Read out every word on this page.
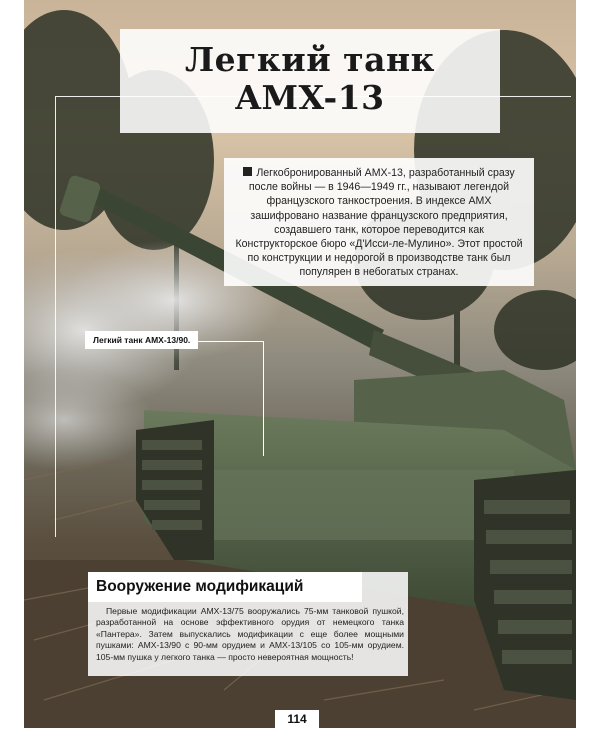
Легкий танк
AMX-13

Легкобронированный AMX-13, разработанный сразу после войны — в 1946—1949 гг., называют легендой французского танкостроения. В индексе AMX зашифровано название французского предприятия, создавшего танк, которое переводится как Конструкторское бюро «Д'Исси-ле-Мулино». Этот простой по конструкции и недорогой в производстве танк был популярен в небогатых странах.

Легкий танк AMX-13/90.
Вооружение модификаций

Первые модификации AMX-13/75 вооружались 75-мм танковой пушкой, разработанной на основе эффективного орудия от немецкого танка «Пантера». Затем выпускались модификации с еще более мощными пушками: AMX-13/90 с 90-мм орудием и AMX-13/105 со 105-мм орудием. 105-мм пушка у легкого танка — просто невероятная мощность!

114
